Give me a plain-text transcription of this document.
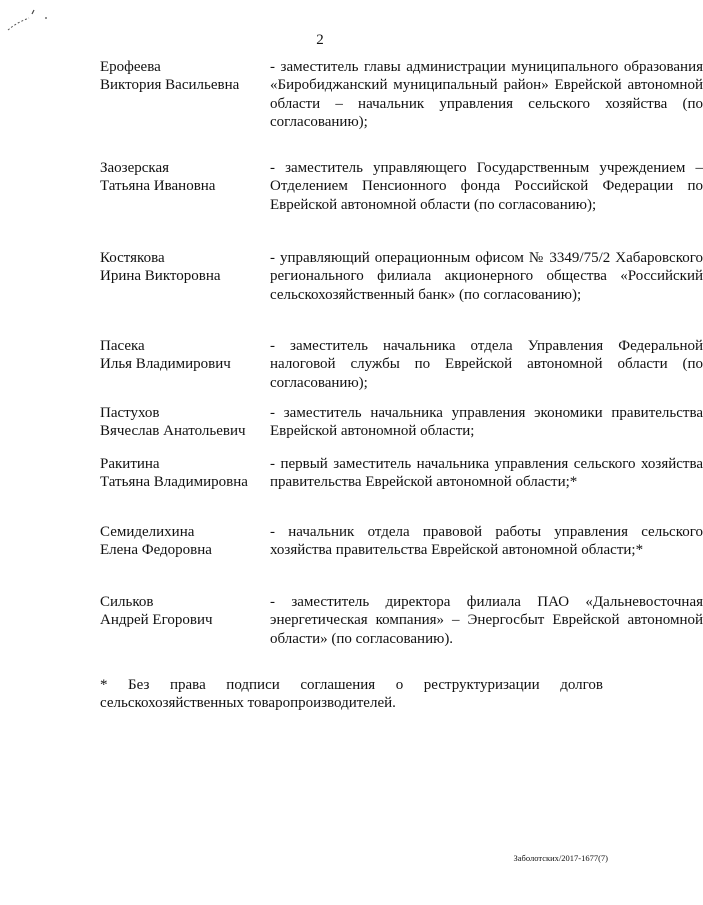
2
Ерофеева
Виктория Васильевна
- заместитель главы администрации муниципального образования «Биробиджанский муниципальный район» Еврейской автономной области – начальник управления сельского хозяйства (по согласованию);
Заозерская
Татьяна Ивановна
- заместитель управляющего Государственным учреждением – Отделением Пенсионного фонда Российской Федерации по Еврейской автономной области (по согласованию);
Костякова
Ирина Викторовна
- управляющий операционным офисом № 3349/75/2 Хабаровского регионального филиала акционерного общества «Российский сельскохозяйственный банк» (по согласованию);
Пасека
Илья Владимирович
- заместитель начальника отдела Управления Федеральной налоговой службы по Еврейской автономной области (по согласованию);
Пастухов
Вячеслав Анатольевич
- заместитель начальника управления экономики правительства Еврейской автономной области;
Ракитина
Татьяна Владимировна
- первый заместитель начальника управления сельского хозяйства правительства Еврейской автономной области;*
Семиделихина
Елена Федоровна
- начальник отдела правовой работы управления сельского хозяйства правительства Еврейской автономной области;*
Сильков
Андрей Егорович
- заместитель директора филиала ПАО «Дальневосточная энергетическая компания» – Энергосбыт Еврейской автономной области» (по согласованию).
* Без права подписи соглашения о реструктуризации долгов
сельскохозяйственных товаропроизводителей.
Заболотских/2017-1677(7)
